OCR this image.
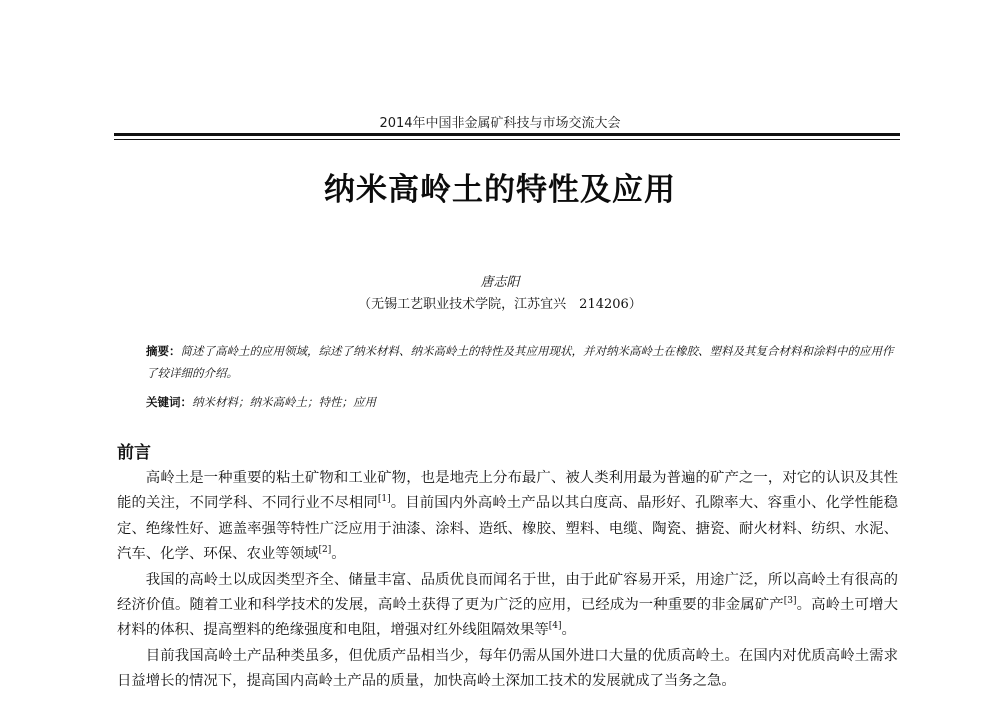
2014年中国非金属矿科技与市场交流大会
纳米高岭土的特性及应用
唐志阳
（无锡工艺职业技术学院，江苏宜兴　214206）
摘要：简述了高岭土的应用领域，综述了纳米材料、纳米高岭土的特性及其应用现状，并对纳米高岭土在橡胶、塑料及其复合材料和涂料中的应用作了较详细的介绍。
关键词：纳米材料；纳米高岭土；特性；应用
前言

高岭土是一种重要的粘土矿物和工业矿物，也是地壳上分布最广、被人类利用最为普遍的矿产之一，对它的认识及其性能的关注，不同学科、不同行业不尽相同[1]。目前国内外高岭土产品以其白度高、晶形好、孔隙率大、容重小、化学性能稳定、绝缘性好、遮盖率强等特性广泛应用于油漆、涂料、造纸、橡胶、塑料、电缆、陶瓷、搪瓷、耐火材料、纺织、水泥、汽车、化学、环保、农业等领域[2]。

我国的高岭土以成因类型齐全、储量丰富、品质优良而闻名于世，由于此矿容易开采，用途广泛，所以高岭土有很高的经济价值。随着工业和科学技术的发展，高岭土获得了更为广泛的应用，已经成为一种重要的非金属矿产[3]。高岭土可增大材料的体积、提高塑料的绝缘强度和电阻，增强对红外线阻隔效果等[4]。

目前我国高岭土产品种类虽多，但优质产品相当少，每年仍需从国外进口大量的优质高岭土。在国内对优质高岭土需求日益增长的情况下，提高国内高岭土产品的质量，加快高岭土深加工技术的发展就成了当务之急。
